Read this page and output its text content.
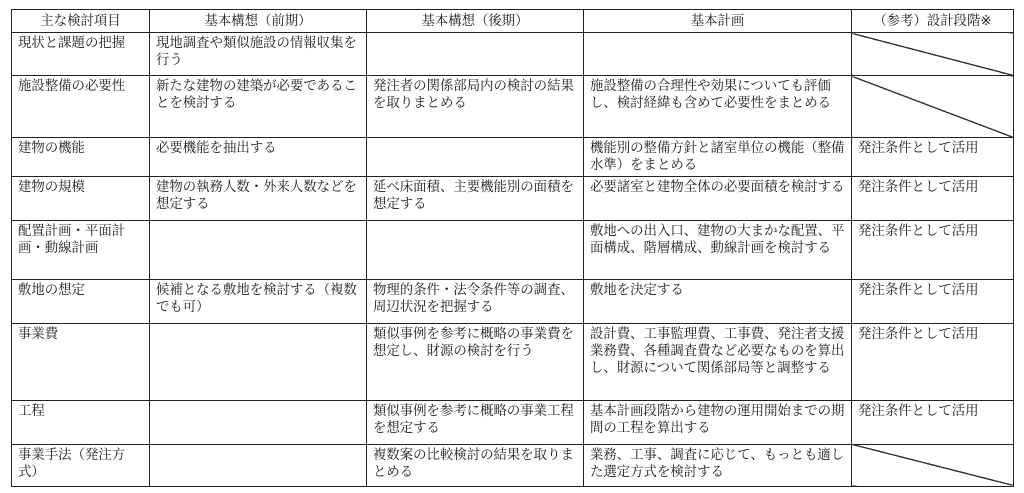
主な検討項目	基本構想（前期）	基本構想（後期）	基本計画	（参考）設計段階※
現状と課題の把握	現地調査や類似施設の情報収集を行う			
施設整備の必要性	新たな建物の建築が必要であることを検討する	発注者の関係部局内の検討の結果を取りまとめる	施設整備の合理性や効果についても評価し、検討経緯も含めて必要性をまとめる	
建物の機能	必要機能を抽出する		機能別の整備方針と諸室単位の機能（整備水準）をまとめる	発注条件として活用
建物の規模	建物の執務人数・外来人数などを想定する	延べ床面積、主要機能別の面積を想定する	必要諸室と建物全体の必要面積を検討する	発注条件として活用
配置計画・平面計画・動線計画			敷地への出入口、建物の大まかな配置、平面構成、階層構成、動線計画を検討する	発注条件として活用
敷地の想定	候補となる敷地を検討する（複数でも可）	物理的条件・法令条件等の調査、周辺状況を把握する	敷地を決定する	発注条件として活用
事業費		類似事例を参考に概略の事業費を想定し、財源の検討を行う	設計費、工事監理費、工事費、発注者支援業務費、各種調査費など必要なものを算出し、財源について関係部局等と調整する	発注条件として活用
工程		類似事例を参考に概略の事業工程を想定する	基本計画段階から建物の運用開始までの期間の工程を算出する	発注条件として活用
事業手法（発注方式）		複数案の比較検討の結果を取りまとめる	業務、工事、調査に応じて、もっとも適した選定方式を検討する	
